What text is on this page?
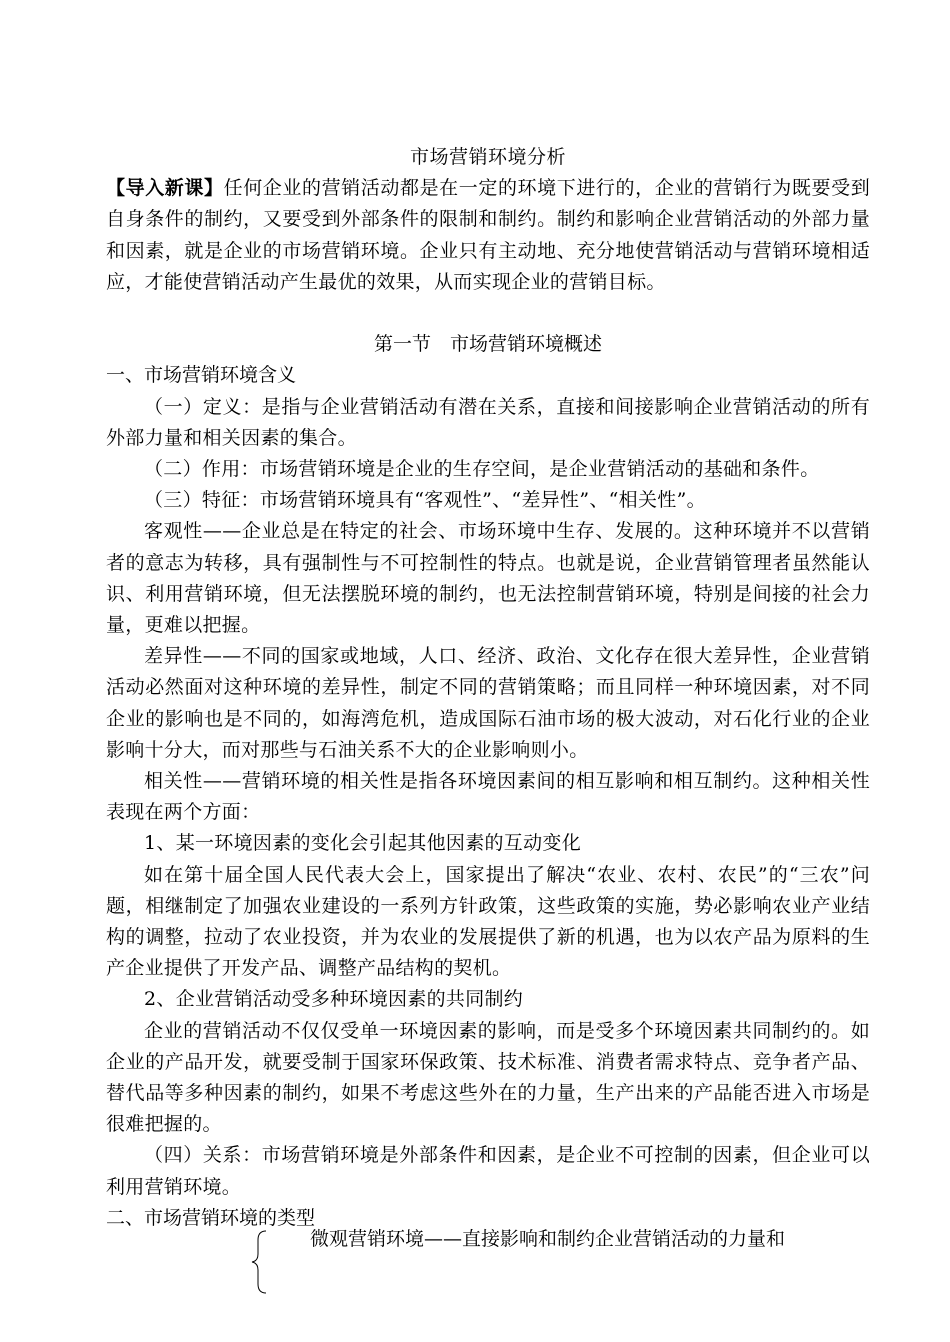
市场营销环境分析

【导入新课】任何企业的营销活动都是在一定的环境下进行的，企业的营销行为既要受到自身条件的制约，又要受到外部条件的限制和制约。制约和影响企业营销活动的外部力量和因素，就是企业的市场营销环境。企业只有主动地、充分地使营销活动与营销环境相适应，才能使营销活动产生最优的效果，从而实现企业的营销目标。

第一节　市场营销环境概述

一、市场营销环境含义

（一）定义：是指与企业营销活动有潜在关系，直接和间接影响企业营销活动的所有外部力量和相关因素的集合。

（二）作用：市场营销环境是企业的生存空间，是企业营销活动的基础和条件。

（三）特征：市场营销环境具有“客观性”、“差异性”、“相关性”。

客观性——企业总是在特定的社会、市场环境中生存、发展的。这种环境并不以营销者的意志为转移，具有强制性与不可控制性的特点。也就是说，企业营销管理者虽然能认识、利用营销环境，但无法摆脱环境的制约，也无法控制营销环境，特别是间接的社会力量，更难以把握。

差异性——不同的国家或地域，人口、经济、政治、文化存在很大差异性，企业营销活动必然面对这种环境的差异性，制定不同的营销策略；而且同样一种环境因素，对不同企业的影响也是不同的，如海湾危机，造成国际石油市场的极大波动，对石化行业的企业影响十分大，而对那些与石油关系不大的企业影响则小。

相关性——营销环境的相关性是指各环境因素间的相互影响和相互制约。这种相关性表现在两个方面：

1、某一环境因素的变化会引起其他因素的互动变化

如在第十届全国人民代表大会上，国家提出了解决“农业、农村、农民”的“三农”问题，相继制定了加强农业建设的一系列方针政策，这些政策的实施，势必影响农业产业结构的调整，拉动了农业投资，并为农业的发展提供了新的机遇，也为以农产品为原料的生产企业提供了开发产品、调整产品结构的契机。

2、企业营销活动受多种环境因素的共同制约

企业的营销活动不仅仅受单一环境因素的影响，而是受多个环境因素共同制约的。如企业的产品开发，就要受制于国家环保政策、技术标准、消费者需求特点、竞争者产品、替代品等多种因素的制约，如果不考虑这些外在的力量，生产出来的产品能否进入市场是很难把握的。

（四）关系：市场营销环境是外部条件和因素，是企业不可控制的因素，但企业可以利用营销环境。

二、市场营销环境的类型

微观营销环境——直接影响和制约企业营销活动的力量和
